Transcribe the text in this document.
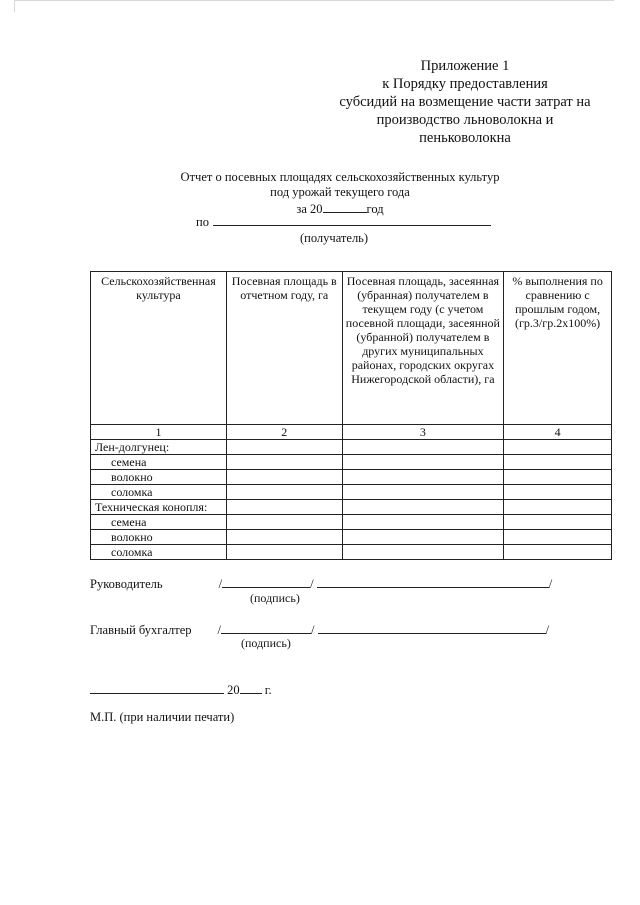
Приложение 1
к Порядку предоставления
субсидий на возмещение части затрат на
производство льноволокна и
пеньковолокна
Отчет о посевных площадях сельскохозяйственных культур
под урожай текущего года
за 20	год
по
(получатель)
Сельскохозяйственная культура	Посевная площадь в отчетном году, га	Посевная площадь, засеянная (убранная) получателем в текущем году (с учетом посевной площади, засеянной (убранной) получателем в других муниципальных районах, городских округах Нижегородской области), га	% выполнения по сравнению с прошлым годом, (гр.3/гр.2x100%)
1	2	3	4
Лен-долгунец:			
семена			
волокно			
соломка			
Техническая конопля:			
семена			
волокно			
соломка			
Руководитель	/	/	/
(подпись)
Главный бухгалтер /	/	/
(подпись)
20 г.
М.П. (при наличии печати)
